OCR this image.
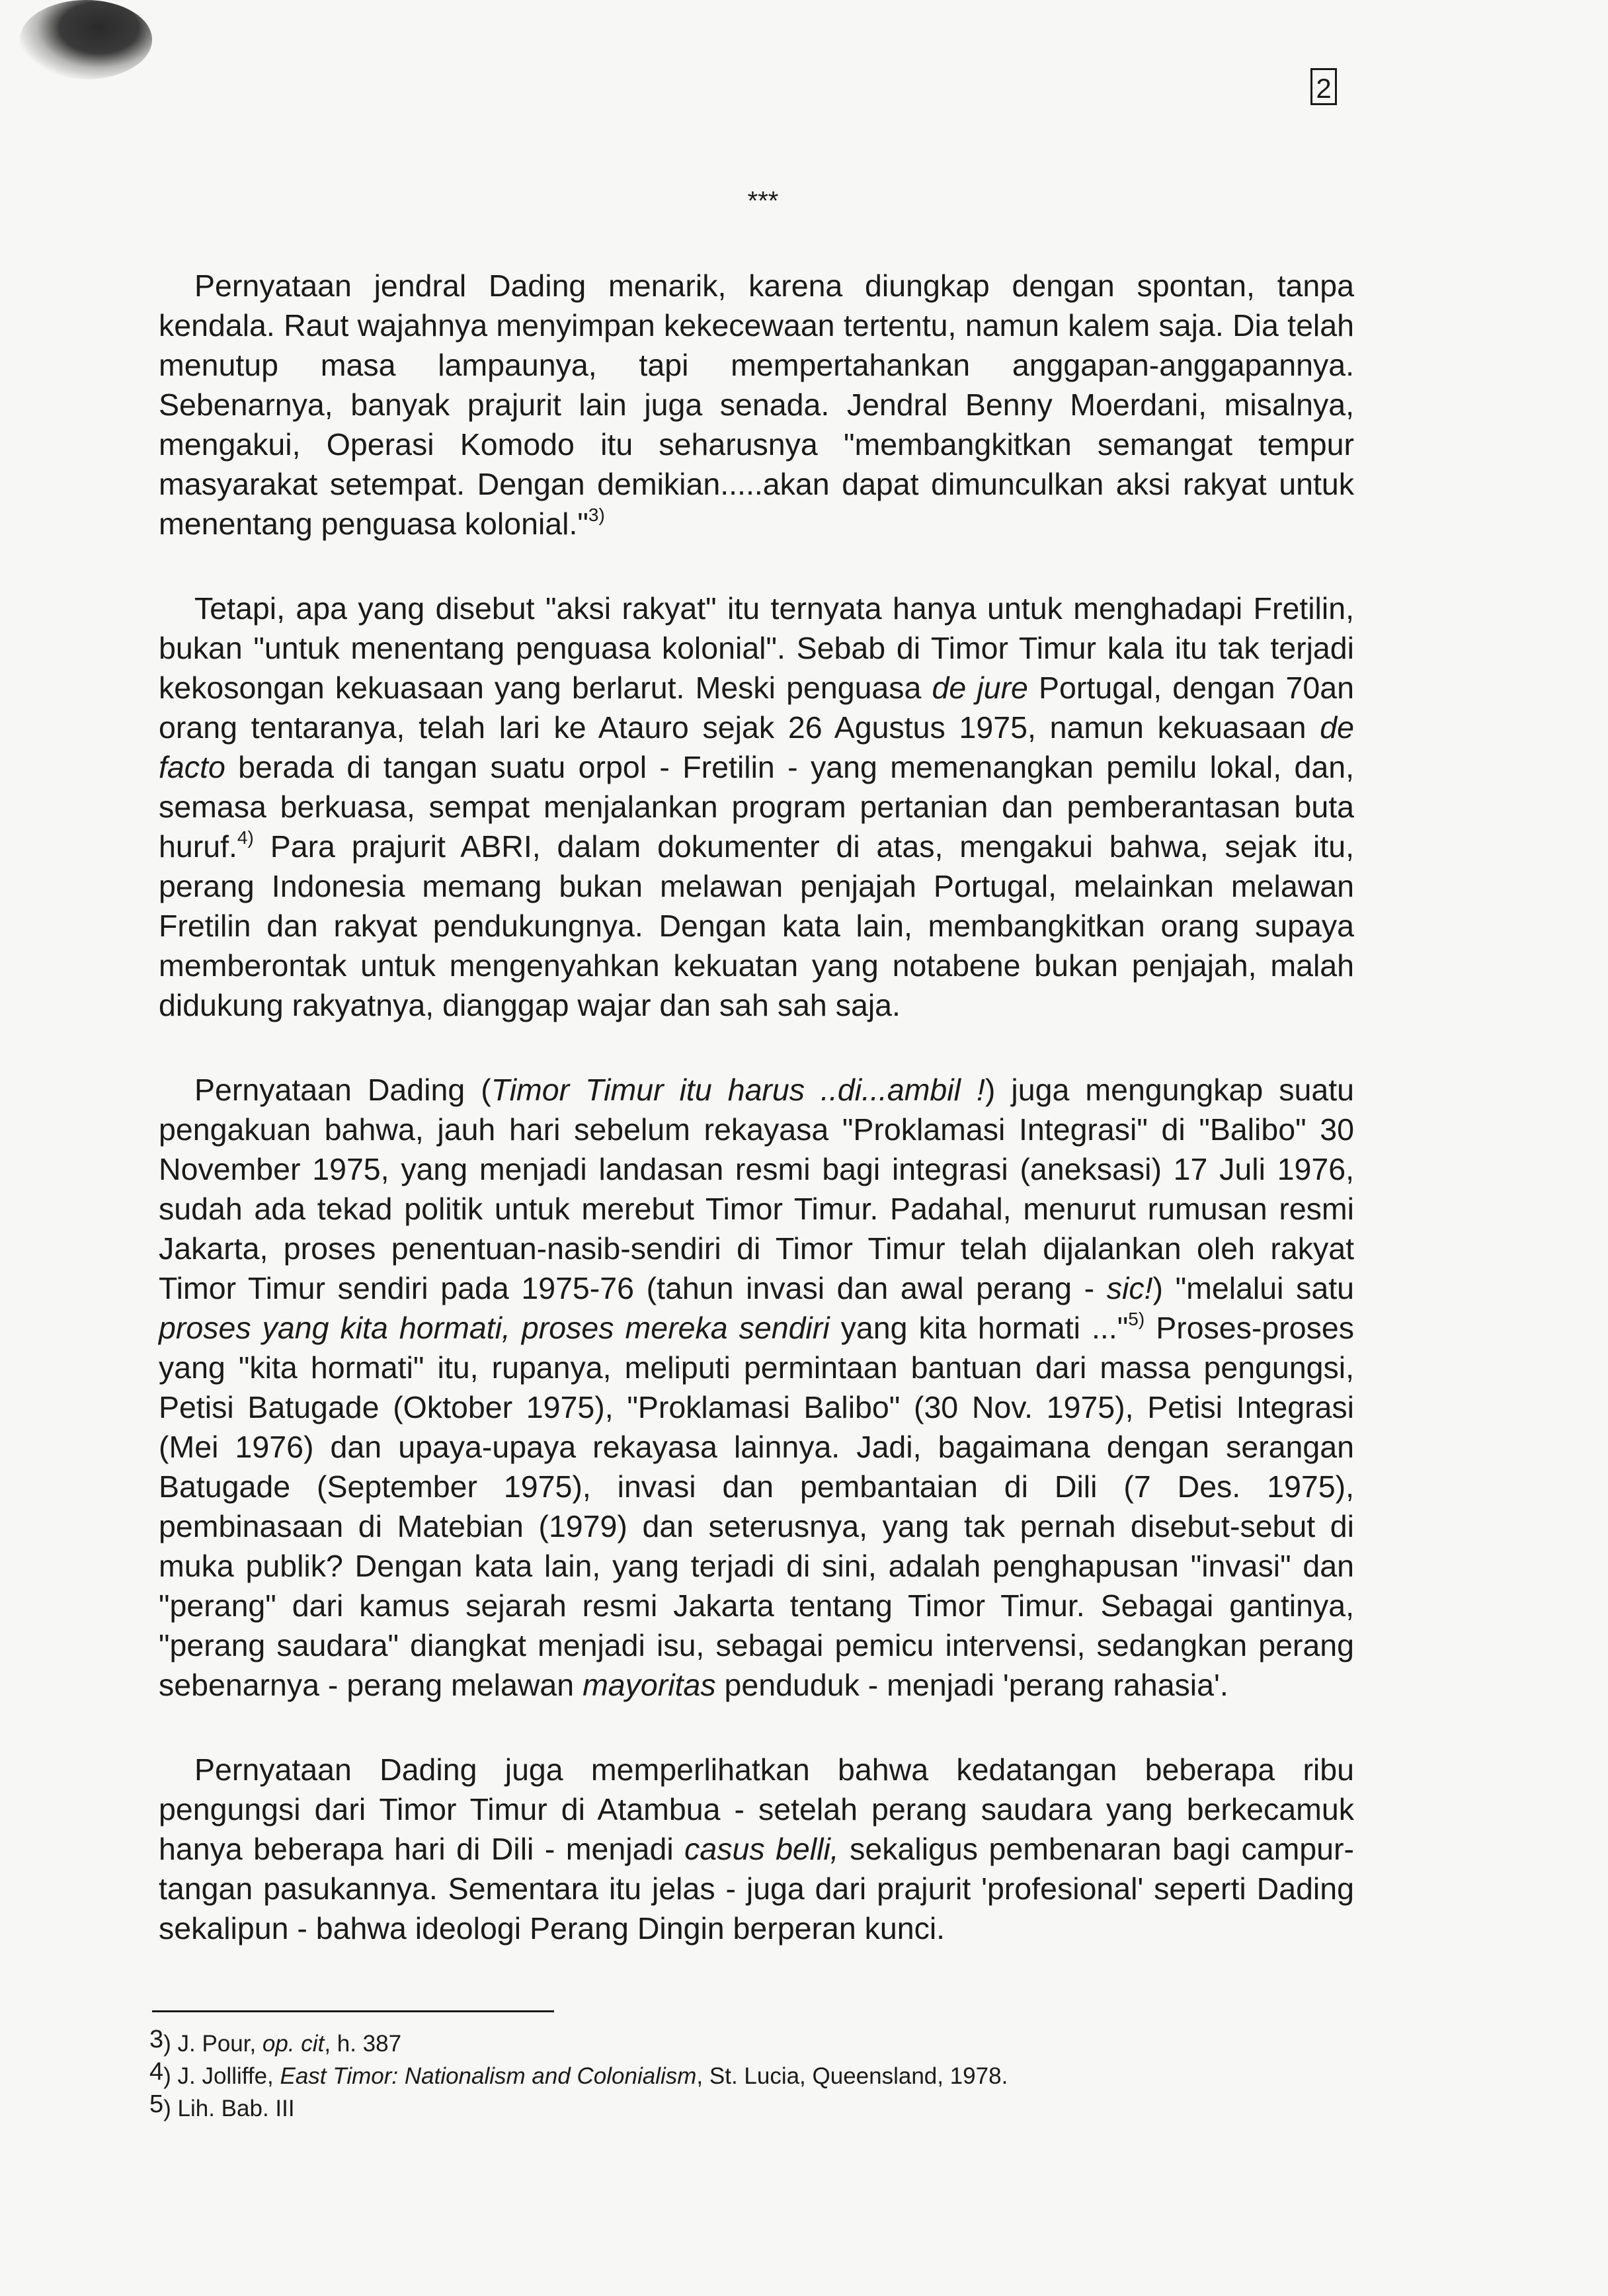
2
***

Pernyataan jendral Dading menarik, karena diungkap dengan spontan, tanpa kendala. Raut wajahnya menyimpan kekecewaan tertentu, namun kalem saja. Dia telah menutup masa lampaunya, tapi mempertahankan anggapan-anggapannya. Sebenarnya, banyak prajurit lain juga senada. Jendral Benny Moerdani, misalnya, mengakui, Operasi Komodo itu seharusnya "membangkitkan semangat tempur masyarakat setempat. Dengan demikian.....akan dapat dimunculkan aksi rakyat untuk menentang penguasa kolonial."$^{3)}$

Tetapi, apa yang disebut "aksi rakyat" itu ternyata hanya untuk menghadapi Fretilin, bukan "untuk menentang penguasa kolonial". Sebab di Timor Timur kala itu tak terjadi kekosongan kekuasaan yang berlarut. Meski penguasa de jure Portugal, dengan 70an orang tentaranya, telah lari ke Atauro sejak 26 Agustus 1975, namun kekuasaan de facto berada di tangan suatu orpol - Fretilin - yang memenangkan pemilu lokal, dan, semasa berkuasa, sempat menjalankan program pertanian dan pemberantasan buta huruf.$^{4)}$ Para prajurit ABRI, dalam dokumenter di atas, mengakui bahwa, sejak itu, perang Indonesia memang bukan melawan penjajah Portugal, melainkan melawan Fretilin dan rakyat pendukungnya. Dengan kata lain, membangkitkan orang supaya memberontak untuk mengenyahkan kekuatan yang notabene bukan penjajah, malah didukung rakyatnya, dianggap wajar dan sah sah saja.

Pernyataan Dading (Timor Timur itu harus ..di...ambil !) juga mengungkap suatu pengakuan bahwa, jauh hari sebelum rekayasa "Proklamasi Integrasi" di "Balibo" 30 November 1975, yang menjadi landasan resmi bagi integrasi (aneksasi) 17 Juli 1976, sudah ada tekad politik untuk merebut Timor Timur. Padahal, menurut rumusan resmi Jakarta, proses penentuan-nasib-sendiri di Timor Timur telah dijalankan oleh rakyat Timor Timur sendiri pada 1975-76 (tahun invasi dan awal perang - sic!) "melalui satu proses yang kita hormati, proses mereka sendiri yang kita hormati ..."$^{5)}$ Proses-proses yang "kita hormati" itu, rupanya, meliputi permintaan bantuan dari massa pengungsi, Petisi Batugade (Oktober 1975), "Proklamasi Balibo" (30 Nov. 1975), Petisi Integrasi (Mei 1976) dan upaya-upaya rekayasa lainnya. Jadi, bagaimana dengan serangan Batugade (September 1975), invasi dan pembantaian di Dili (7 Des. 1975), pembinasaan di Matebian (1979) dan seterusnya, yang tak pernah disebut-sebut di muka publik? Dengan kata lain, yang terjadi di sini, adalah penghapusan "invasi" dan "perang" dari kamus sejarah resmi Jakarta tentang Timor Timur. Sebagai gantinya, "perang saudara" diangkat menjadi isu, sebagai pemicu intervensi, sedangkan perang sebenarnya - perang melawan mayoritas penduduk - menjadi 'perang rahasia'.

Pernyataan Dading juga memperlihatkan bahwa kedatangan beberapa ribu pengungsi dari Timor Timur di Atambua - setelah perang saudara yang berkecamuk hanya beberapa hari di Dili - menjadi casus belli, sekaligus pembenaran bagi campur- tangan pasukannya. Sementara itu jelas - juga dari prajurit 'profesional' seperti Dading sekalipun - bahwa ideologi Perang Dingin berperan kunci.

3) J. Pour, op. cit, h. 387
4) J. Jolliffe, East Timor: Nationalism and Colonialism, St. Lucia, Queensland, 1978.
5) Lih. Bab. III
